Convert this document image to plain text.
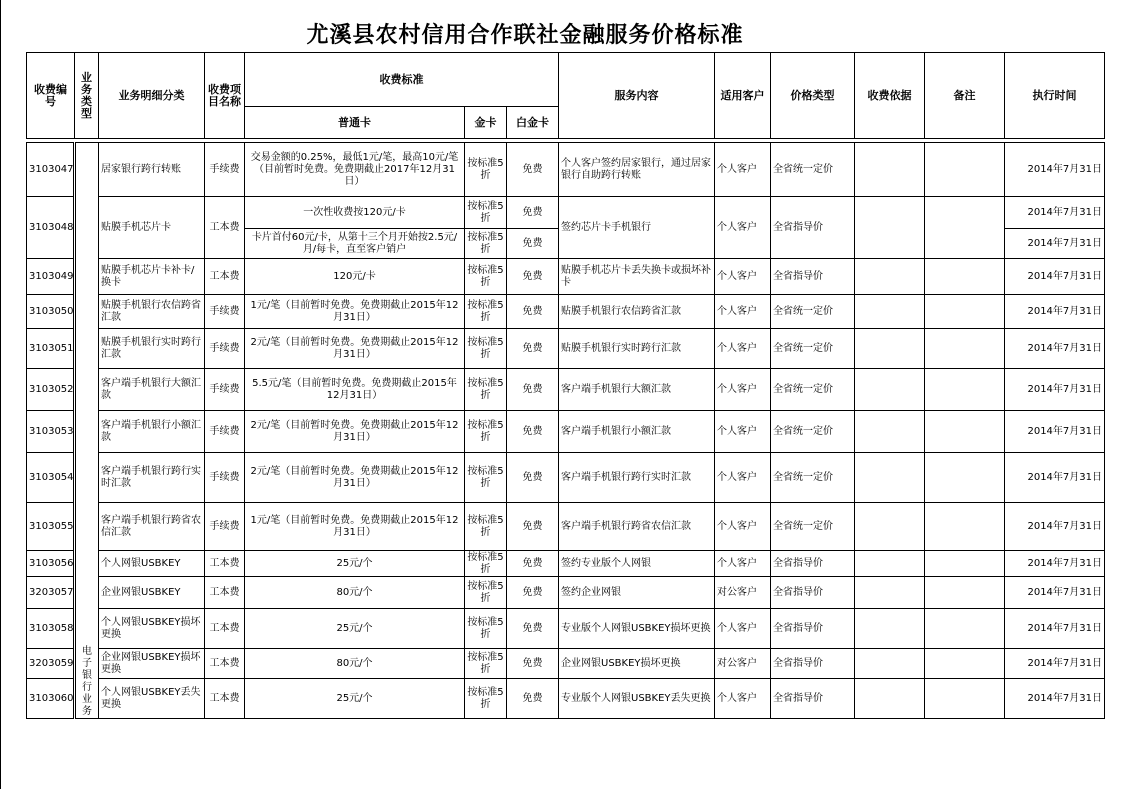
尤溪县农村信用合作联社金融服务价格标准
收费编号	业务类型	业务明细分类	收费项目名称	收费标准			服务内容	适用客户	价格类型	收费依据	备注	执行时间
				普通卡	金卡	白金卡						

3103047	电子银行业务	居家银行跨行转账	手续费	交易金额的0.25%，最低1元/笔，最高10元/笔（目前暂时免费。免费期截止2017年12月31日）	按标准5折	免费	个人客户签约居家银行，通过居家银行自助跨行转账	个人客户	全省统一定价			2014年7月31日
3103048		贴膜手机芯片卡	工本费	一次性收费按120元/卡	按标准5折	免费	签约芯片卡手机银行	个人客户	全省指导价			2014年7月31日
				卡片首付60元/卡，从第十三个月开始按2.5元/月/每卡，直至客户销户	按标准5折	免费						2014年7月31日
3103049		贴膜手机芯片卡补卡/换卡	工本费	120元/卡	按标准5折	免费	贴膜手机芯片卡丢失换卡或损坏补卡	个人客户	全省指导价			2014年7月31日
3103050		贴膜手机银行农信跨省汇款	手续费	1元/笔（目前暂时免费。免费期截止2015年12月31日）	按标准5折	免费	贴膜手机银行农信跨省汇款	个人客户	全省统一定价			2014年7月31日
3103051		贴膜手机银行实时跨行汇款	手续费	2元/笔（目前暂时免费。免费期截止2015年12月31日）	按标准5折	免费	贴膜手机银行实时跨行汇款	个人客户	全省统一定价			2014年7月31日
3103052		客户端手机银行大额汇款	手续费	5.5元/笔（目前暂时免费。免费期截止2015年12月31日）	按标准5折	免费	客户端手机银行大额汇款	个人客户	全省统一定价			2014年7月31日
3103053		客户端手机银行小额汇款	手续费	2元/笔（目前暂时免费。免费期截止2015年12月31日）	按标准5折	免费	客户端手机银行小额汇款	个人客户	全省统一定价			2014年7月31日
3103054		客户端手机银行跨行实时汇款	手续费	2元/笔（目前暂时免费。免费期截止2015年12月31日）	按标准5折	免费	客户端手机银行跨行实时汇款	个人客户	全省统一定价			2014年7月31日
3103055		客户端手机银行跨省农信汇款	手续费	1元/笔（目前暂时免费。免费期截止2015年12月31日）	按标准5折	免费	客户端手机银行跨省农信汇款	个人客户	全省统一定价			2014年7月31日
3103056		个人网银USBKEY	工本费	25元/个	按标准5折	免费	签约专业版个人网银	个人客户	全省指导价			2014年7月31日
3203057		企业网银USBKEY	工本费	80元/个	按标准5折	免费	签约企业网银	对公客户	全省指导价			2014年7月31日
3103058		个人网银USBKEY损坏更换	工本费	25元/个	按标准5折	免费	专业版个人网银USBKEY损坏更换	个人客户	全省指导价			2014年7月31日
3203059		企业网银USBKEY损坏更换	工本费	80元/个	按标准5折	免费	企业网银USBKEY损坏更换	对公客户	全省指导价			2014年7月31日
3103060		个人网银USBKEY丢失更换	工本费	25元/个	按标准5折	免费	专业版个人网银USBKEY丢失更换	个人客户	全省指导价			2014年7月31日
